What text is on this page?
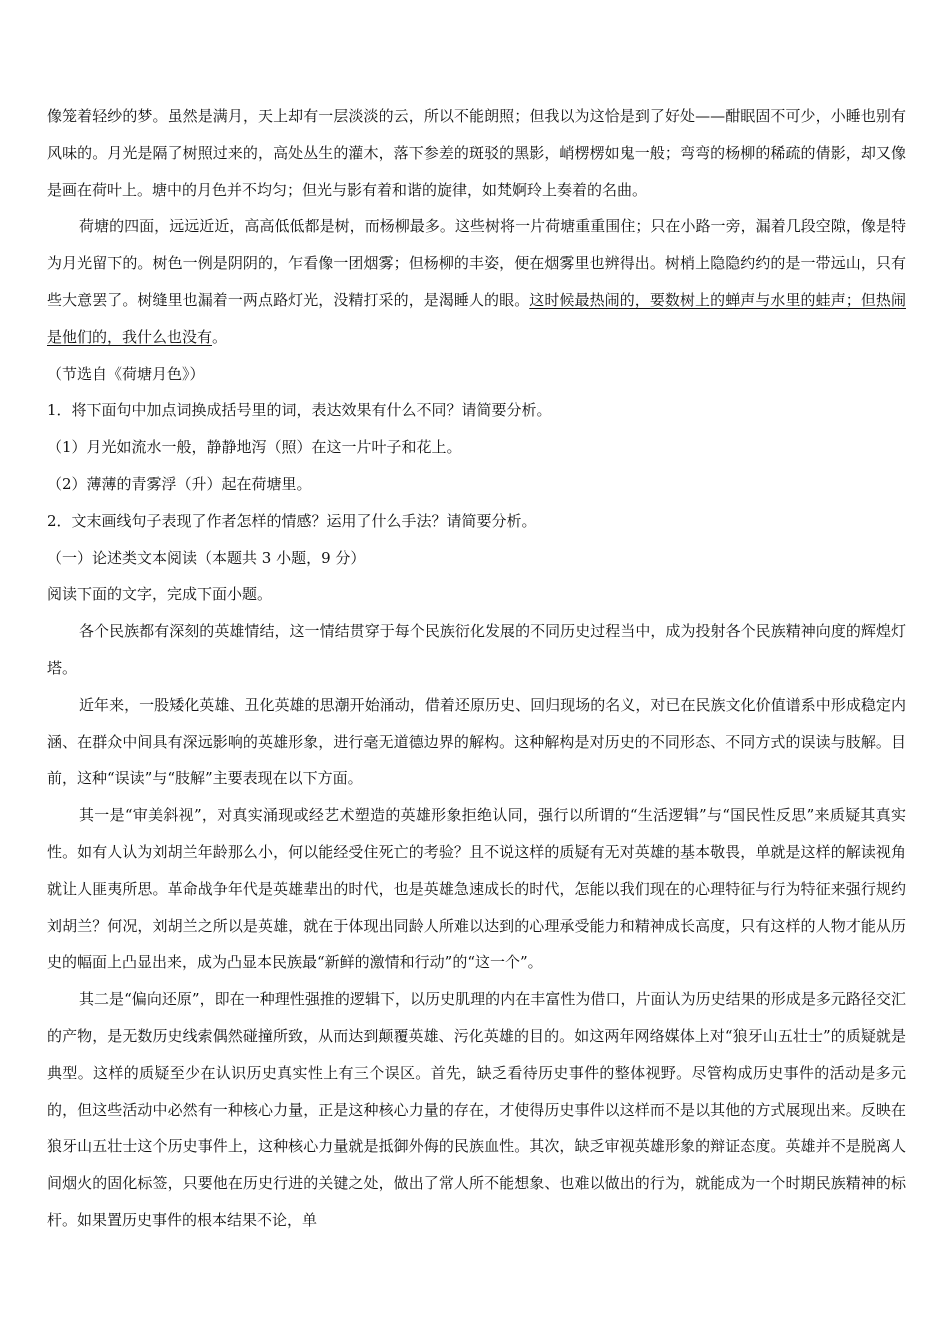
像笼着轻纱的梦。虽然是满月，天上却有一层淡淡的云，所以不能朗照；但我以为这恰是到了好处——酣眠固不可少，小睡也别有风味的。月光是隔了树照过来的，高处丛生的灌木，落下参差的斑驳的黑影，峭楞楞如鬼一般；弯弯的杨柳的稀疏的倩影，却又像是画在荷叶上。塘中的月色并不均匀；但光与影有着和谐的旋律，如梵婀玲上奏着的名曲。

荷塘的四面，远远近近，高高低低都是树，而杨柳最多。这些树将一片荷塘重重围住；只在小路一旁，漏着几段空隙，像是特为月光留下的。树色一例是阴阴的，乍看像一团烟雾；但杨柳的丰姿，便在烟雾里也辨得出。树梢上隐隐约约的是一带远山，只有些大意罢了。树缝里也漏着一两点路灯光，没精打采的，是渴睡人的眼。这时候最热闹的，要数树上的蝉声与水里的蛙声；但热闹是他们的，我什么也没有。

（节选自《荷塘月色》）

1．将下面句中加点词换成括号里的词，表达效果有什么不同？请简要分析。

（1）月光如流水一般，静静地泻（照）在这一片叶子和花上。

（2）薄薄的青雾浮（升）起在荷塘里。

2．文末画线句子表现了作者怎样的情感？运用了什么手法？请简要分析。

（一）论述类文本阅读（本题共 3 小题，9 分）

阅读下面的文字，完成下面小题。

各个民族都有深刻的英雄情结，这一情结贯穿于每个民族衍化发展的不同历史过程当中，成为投射各个民族精神向度的辉煌灯塔。

近年来，一股矮化英雄、丑化英雄的思潮开始涌动，借着还原历史、回归现场的名义，对已在民族文化价值谱系中形成稳定内涵、在群众中间具有深远影响的英雄形象，进行毫无道德边界的解构。这种解构是对历史的不同形态、不同方式的误读与肢解。目前，这种“误读”与“肢解”主要表现在以下方面。

其一是“审美斜视”，对真实涌现或经艺术塑造的英雄形象拒绝认同，强行以所谓的“生活逻辑”与“国民性反思”来质疑其真实性。如有人认为刘胡兰年龄那么小，何以能经受住死亡的考验？且不说这样的质疑有无对英雄的基本敬畏，单就是这样的解读视角就让人匪夷所思。革命战争年代是英雄辈出的时代，也是英雄急速成长的时代，怎能以我们现在的心理特征与行为特征来强行规约刘胡兰？何况，刘胡兰之所以是英雄，就在于体现出同龄人所难以达到的心理承受能力和精神成长高度，只有这样的人物才能从历史的幅面上凸显出来，成为凸显本民族最“新鲜的激情和行动”的“这一个”。

其二是“偏向还原”，即在一种理性强推的逻辑下，以历史肌理的内在丰富性为借口，片面认为历史结果的形成是多元路径交汇的产物，是无数历史线索偶然碰撞所致，从而达到颠覆英雄、污化英雄的目的。如这两年网络媒体上对“狼牙山五壮士”的质疑就是典型。这样的质疑至少在认识历史真实性上有三个误区。首先，缺乏看待历史事件的整体视野。尽管构成历史事件的活动是多元的，但这些活动中必然有一种核心力量，正是这种核心力量的存在，才使得历史事件以这样而不是以其他的方式展现出来。反映在狼牙山五壮士这个历史事件上，这种核心力量就是抵御外侮的民族血性。其次，缺乏审视英雄形象的辩证态度。英雄并不是脱离人间烟火的固化标签，只要他在历史行进的关键之处，做出了常人所不能想象、也难以做出的行为，就能成为一个时期民族精神的标杆。如果置历史事件的根本结果不论，单
